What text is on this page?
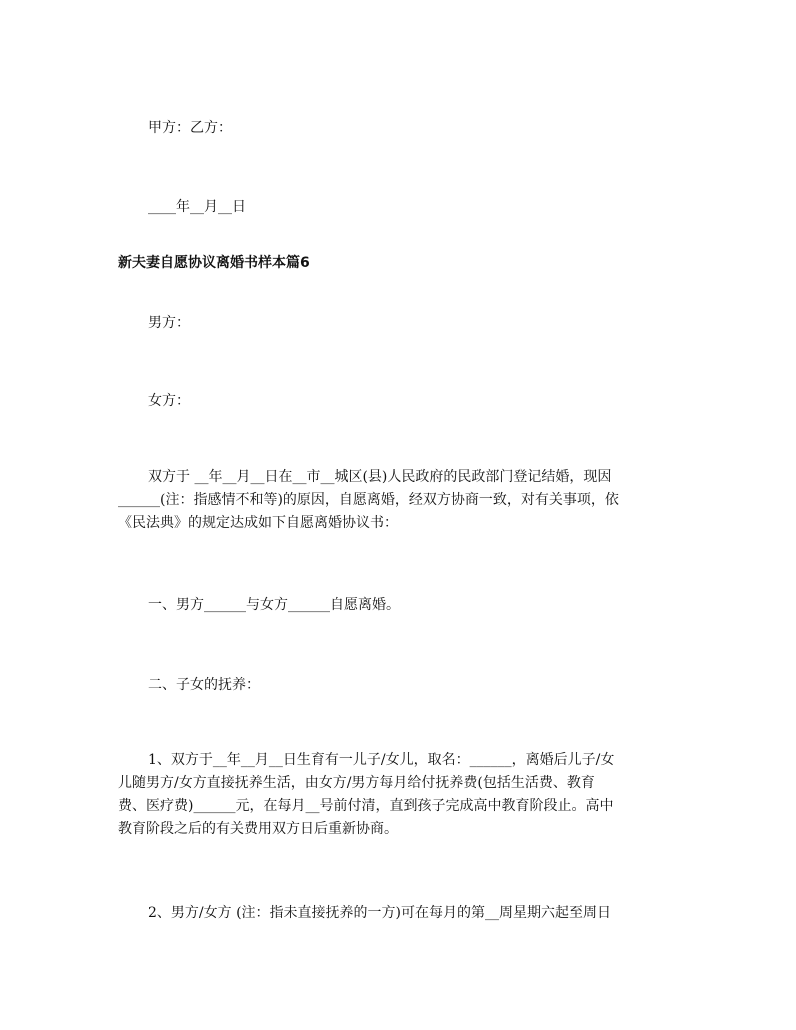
甲方：乙方：

____年__月__日

新夫妻自愿协议离婚书样本篇6

男方：

女方：

双方于 __年__月__日在__市__城区(县)人民政府的民政部门登记结婚，现因
______(注：指感情不和等)的原因，自愿离婚，经双方协商一致，对有关事项，依
《民法典》的规定达成如下自愿离婚协议书：

一、男方______与女方______自愿离婚。

二、子女的抚养：

1、双方于__年__月__日生育有一儿子/女儿，取名：______，离婚后儿子/女
儿随男方/女方直接抚养生活，由女方/男方每月给付抚养费(包括生活费、教育
费、医疗费)______元，在每月__号前付清，直到孩子完成高中教育阶段止。高中
教育阶段之后的有关费用双方日后重新协商。

2、男方/女方 (注：指未直接抚养的一方)可在每月的第__周星期六起至周日
